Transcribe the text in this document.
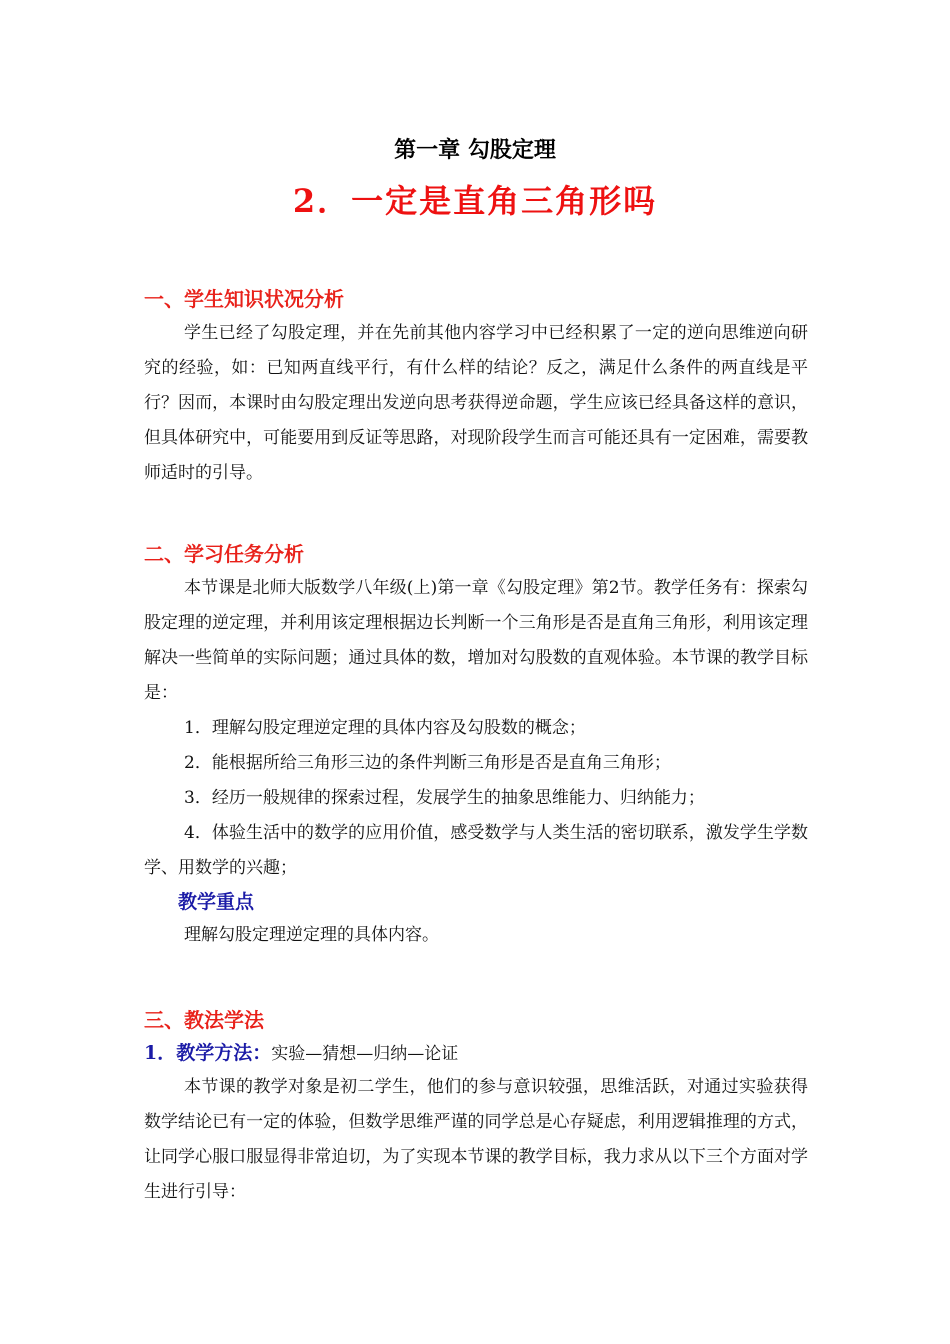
第一章 勾股定理
2．一定是直角三角形吗

一、学生知识状况分析

学生已经了勾股定理，并在先前其他内容学习中已经积累了一定的逆向思维逆向研究的经验，如：已知两直线平行，有什么样的结论？反之，满足什么条件的两直线是平行？因而，本课时由勾股定理出发逆向思考获得逆命题，学生应该已经具备这样的意识，但具体研究中，可能要用到反证等思路，对现阶段学生而言可能还具有一定困难，需要教师适时的引导。

二、学习任务分析

本节课是北师大版数学八年级(上)第一章《勾股定理》第2节。教学任务有：探索勾股定理的逆定理，并利用该定理根据边长判断一个三角形是否是直角三角形，利用该定理解决一些简单的实际问题；通过具体的数，增加对勾股数的直观体验。本节课的教学目标是：

1．理解勾股定理逆定理的具体内容及勾股数的概念；

2．能根据所给三角形三边的条件判断三角形是否是直角三角形；

3．经历一般规律的探索过程，发展学生的抽象思维能力、归纳能力；

4．体验生活中的数学的应用价值，感受数学与人类生活的密切联系，激发学生学数学、用数学的兴趣；

教学重点

理解勾股定理逆定理的具体内容。

三、教法学法

1．教学方法：实验—猜想—归纳—论证

本节课的教学对象是初二学生，他们的参与意识较强，思维活跃，对通过实验获得数学结论已有一定的体验，但数学思维严谨的同学总是心存疑虑，利用逻辑推理的方式，让同学心服口服显得非常迫切，为了实现本节课的教学目标，我力求从以下三个方面对学生进行引导：
